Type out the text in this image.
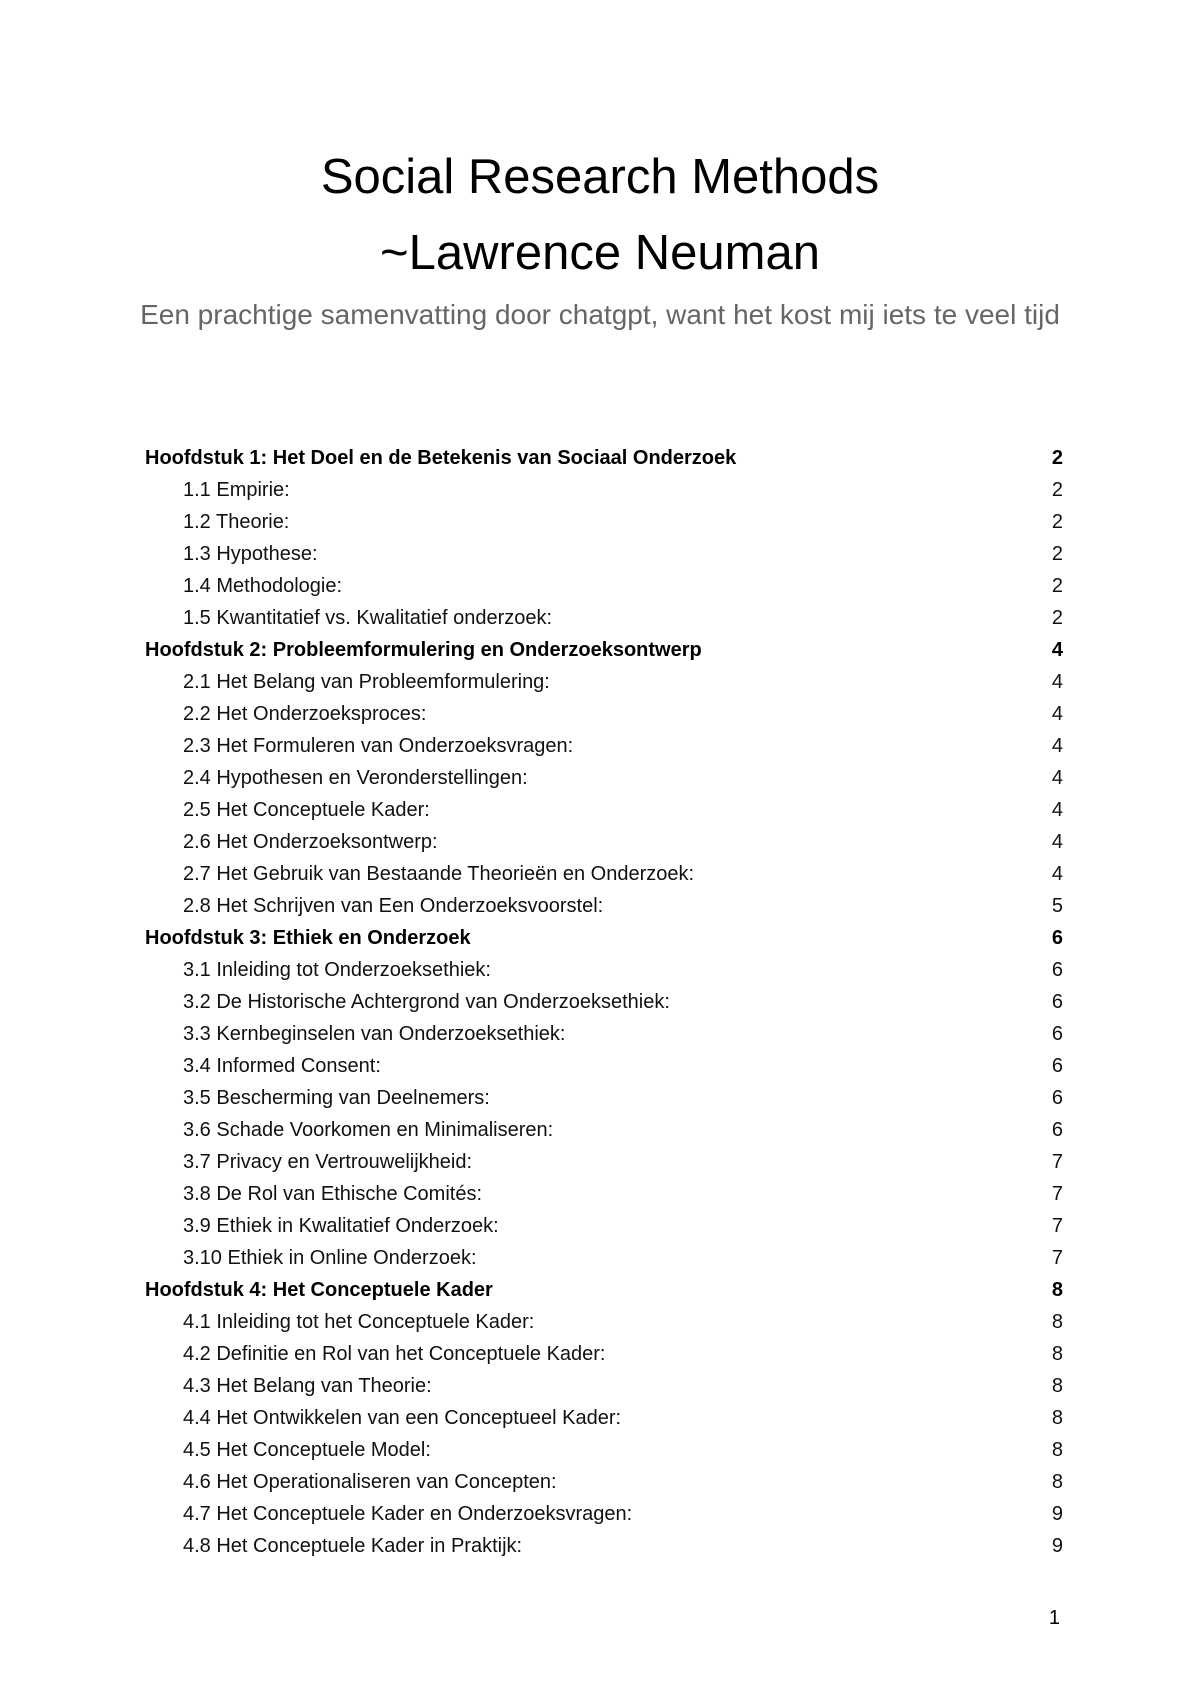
Social Research Methods
~Lawrence Neuman

Een prachtige samenvatting door chatgpt, want het kost mij iets te veel tijd

Hoofdstuk 1: Het Doel en de Betekenis van Sociaal Onderzoek	2
1.1 Empirie:	2
1.2 Theorie:	2
1.3 Hypothese:	2
1.4 Methodologie:	2
1.5 Kwantitatief vs. Kwalitatief onderzoek:	2
Hoofdstuk 2: Probleemformulering en Onderzoeksontwerp	4
2.1 Het Belang van Probleemformulering:	4
2.2 Het Onderzoeksproces:	4
2.3 Het Formuleren van Onderzoeksvragen:	4
2.4 Hypothesen en Veronderstellingen:	4
2.5 Het Conceptuele Kader:	4
2.6 Het Onderzoeksontwerp:	4
2.7 Het Gebruik van Bestaande Theorieën en Onderzoek:	4
2.8 Het Schrijven van Een Onderzoeksvoorstel:	5
Hoofdstuk 3: Ethiek en Onderzoek	6
3.1 Inleiding tot Onderzoeksethiek:	6
3.2 De Historische Achtergrond van Onderzoeksethiek:	6
3.3 Kernbeginselen van Onderzoeksethiek:	6
3.4 Informed Consent:	6
3.5 Bescherming van Deelnemers:	6
3.6 Schade Voorkomen en Minimaliseren:	6
3.7 Privacy en Vertrouwelijkheid:	7
3.8 De Rol van Ethische Comités:	7
3.9 Ethiek in Kwalitatief Onderzoek:	7
3.10 Ethiek in Online Onderzoek:	7
Hoofdstuk 4: Het Conceptuele Kader	8
4.1 Inleiding tot het Conceptuele Kader:	8
4.2 Definitie en Rol van het Conceptuele Kader:	8
4.3 Het Belang van Theorie:	8
4.4 Het Ontwikkelen van een Conceptueel Kader:	8
4.5 Het Conceptuele Model:	8
4.6 Het Operationaliseren van Concepten:	8
4.7 Het Conceptuele Kader en Onderzoeksvragen:	9
4.8 Het Conceptuele Kader in Praktijk:	9
1
